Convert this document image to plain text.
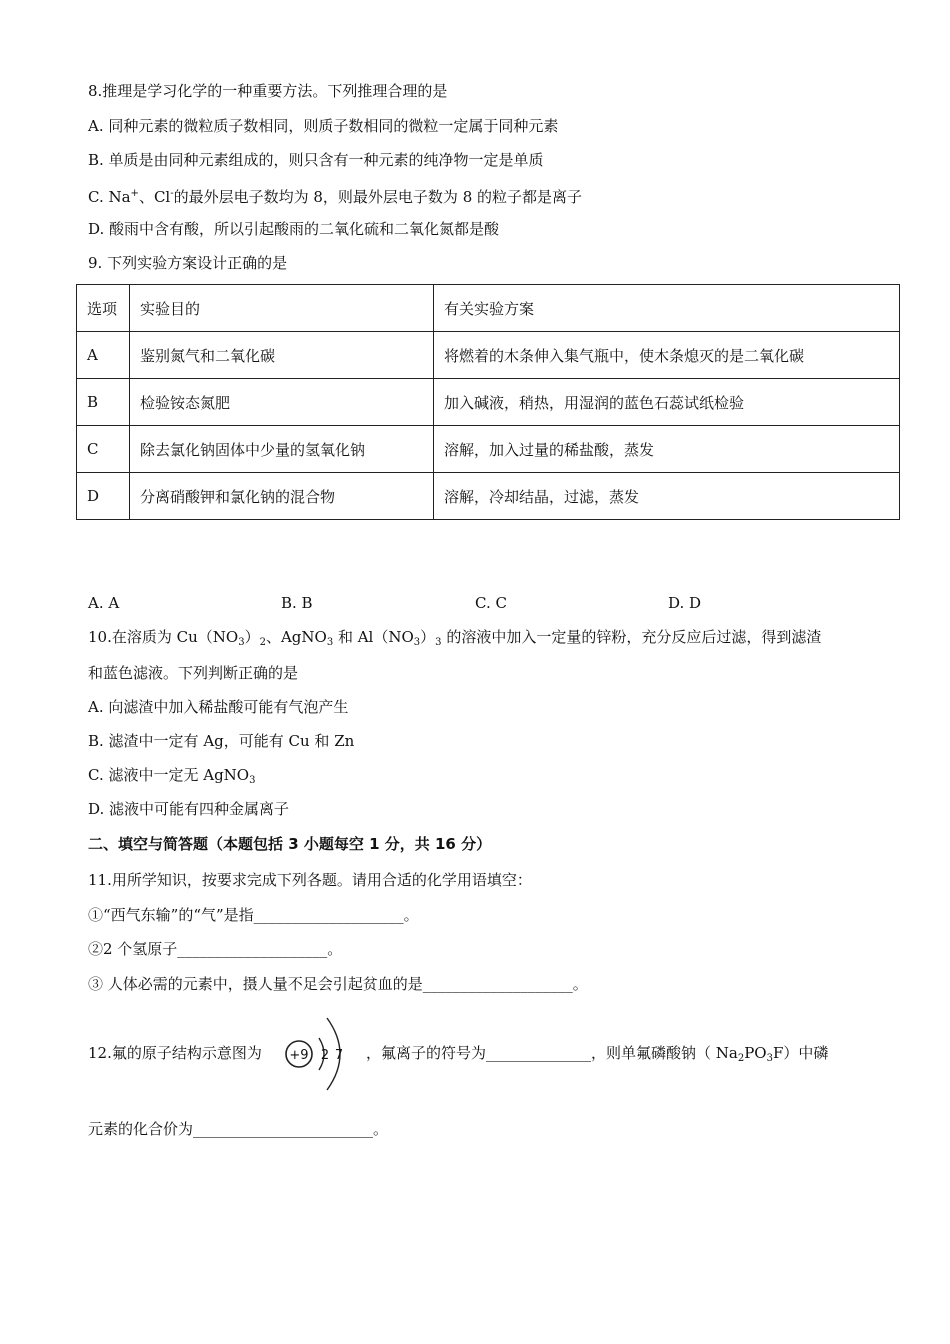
8.推理是学习化学的一种重要方法。下列推理合理的是
A. 同种元素的微粒质子数相同，则质子数相同的微粒一定属于同种元素
B. 单质是由同种元素组成的，则只含有一种元素的纯净物一定是单质
C. Na+、Cl-的最外层电子数均为 8，则最外层电子数为 8 的粒子都是离子
D. 酸雨中含有酸，所以引起酸雨的二氧化硫和二氧化氮都是酸
9. 下列实验方案设计正确的是
选项	实验目的	有关实验方案
A	鉴别氮气和二氧化碳	将燃着的木条伸入集气瓶中，使木条熄灭的是二氧化碳
B	检验铵态氮肥	加入碱液，稍热，用湿润的蓝色石蕊试纸检验
C	除去氯化钠固体中少量的氢氧化钠	溶解，加入过量的稀盐酸，蒸发
D	分离硝酸钾和氯化钠的混合物	溶解，冷却结晶，过滤，蒸发
A. A	B. B	C. C	D. D
10.在溶质为 $Cu(NO_3)_2$、AgNO$_3$ 和 $Al(NO_3)_3$ 的溶液中加入一定量的锌粉，充分反应后过滤，得到滤渣
和蓝色滤液。下列判断正确的是
A. 向滤渣中加入稀盐酸可能有气泡产生
B. 滤渣中一定有 Ag，可能有 Cu 和 Zn
C. 滤液中一定无 AgNO$_3$
D. 滤液中可能有四种金属离子
二、填空与简答题（本题包括 3 小题每空 1 分，共 16 分）
11.用所学知识，按要求完成下列各题。请用合适的化学用语填空：
①“西气东输”的“气”是指____________________。
②2 个氢原子____________________。
③ 人体必需的元素中，摄人量不足会引起贫血的是____________________。
12.氟的原子结构示意图为 +9 2 7 ，氟离子的符号为______________，则单氟磷酸钠（ $Na_2PO_3F$）中磷
元素的化合价为________________________。
